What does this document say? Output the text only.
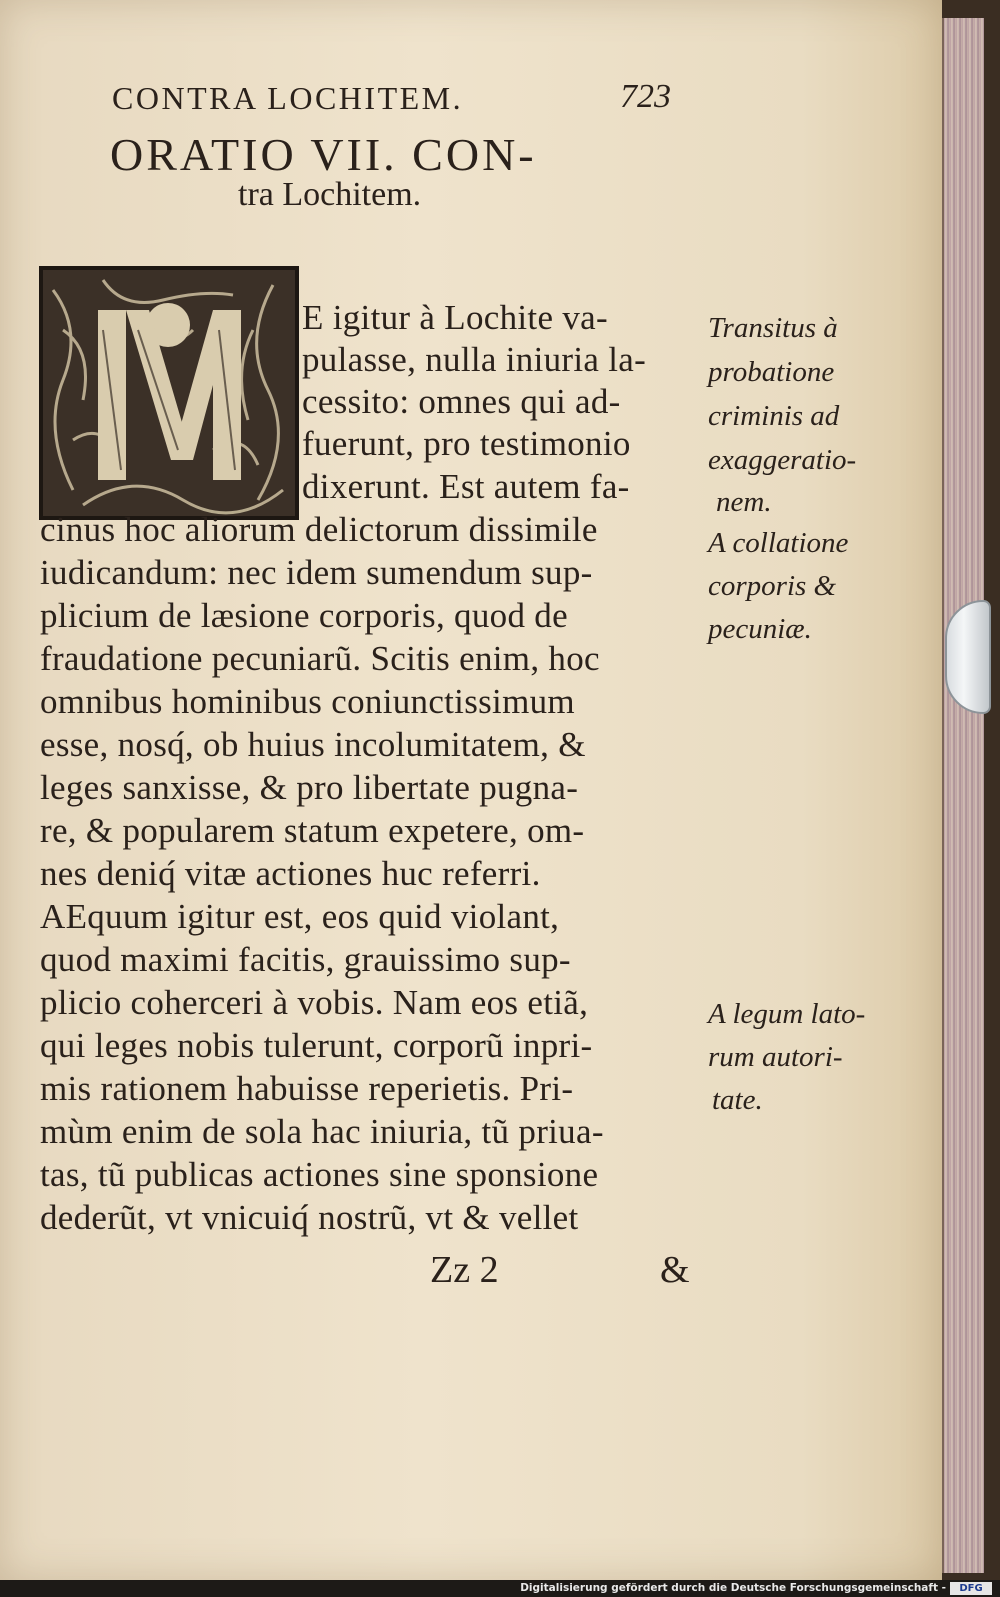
CONTRA LOCHITEM.	723
ORATIO VII. CON-
tra Lochitem.
E igitur à Lochite va-
pulasse, nulla iniuria la-
cessito: omnes qui ad-
fuerunt, pro testimonio
dixerunt. Est autem fa-
cinus hoc aliorum delictorum dissimile
iudicandum: nec idem sumendum sup-
plicium de læsione corporis, quod de
fraudatione pecuniarũ. Scitis enim, hoc
omnibus hominibus coniunctissimum
esse, nosq́, ob huius incolumitatem, &
leges sanxisse, & pro libertate pugna-
re, & popularem statum expetere, om-
nes deniq́ vitæ actiones huc referri.
AEquum igitur est, eos quid violant,
quod maximi facitis, grauissimo sup-
plicio coherceri à vobis. Nam eos etiã,
qui leges nobis tulerunt, corporũ inpri-
mis rationem habuisse reperietis. Pri-
mùm enim de sola hac iniuria, tũ priua-
tas, tũ publicas actiones sine sponsione
dederũt, vt vnicuiq́ nostrũ, vt & vellet
Transitus à
probatione
criminis ad
exaggeratio-
nem.
A collatione
corporis &
pecuniæ.
A legum lato-
rum autori-
tate.
Zz 2	&
Digitalisierung gefördert durch die Deutsche Forschungsgemeinschaft -	DFG
